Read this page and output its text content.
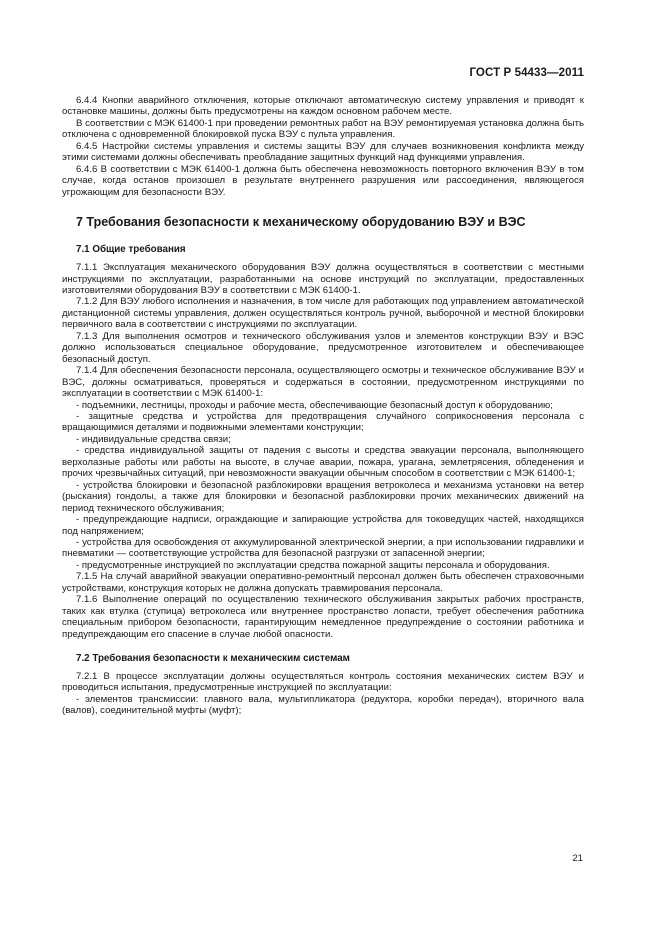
ГОСТ Р 54433—2011

6.4.4 Кнопки аварийного отключения, которые отключают автоматическую систему управления и приводят к остановке машины, должны быть предусмотрены на каждом основном рабочем месте.

В соответствии с МЭК 61400-1 при проведении ремонтных работ на ВЭУ ремонтируемая установка должна быть отключена с одновременной блокировкой пуска ВЭУ с пульта управления.

6.4.5 Настройки системы управления и системы защиты ВЭУ для случаев возникновения конфликта между этими системами должны обеспечивать преобладание защитных функций над функциями управления.

6.4.6 В соответствии с МЭК 61400-1 должна быть обеспечена невозможность повторного включения ВЭУ в том случае, когда останов произошел в результате внутреннего разрушения или рассоединения, являющегося угрожающим для безопасности ВЭУ.

7 Требования безопасности к механическому оборудованию ВЭУ и ВЭС
7.1 Общие требования

7.1.1 Эксплуатация механического оборудования ВЭУ должна осуществляться в соответствии с местными инструкциями по эксплуатации, разработанными на основе инструкций по эксплуатации, предоставленных изготовителями оборудования ВЭУ в соответствии с МЭК 61400-1.

7.1.2 Для ВЭУ любого исполнения и назначения, в том числе для работающих под управлением автоматической дистанционной системы управления, должен осуществляться контроль ручной, выборочной и местной блокировки первичного вала в соответствии с инструкциями по эксплуатации.

7.1.3 Для выполнения осмотров и технического обслуживания узлов и элементов конструкции ВЭУ и ВЭС должно использоваться специальное оборудование, предусмотренное изготовителем и обеспечивающее безопасный доступ.

7.1.4 Для обеспечения безопасности персонала, осуществляющего осмотры и техническое обслуживание ВЭУ и ВЭС, должны осматриваться, проверяться и содержаться в состоянии, предусмотренном инструкциями по эксплуатации в соответствии с МЭК 61400-1:

- подъемники, лестницы, проходы и рабочие места, обеспечивающие безопасный доступ к оборудованию;

- защитные средства и устройства для предотвращения случайного соприкосновения персонала с вращающимися деталями и подвижными элементами конструкции;

- индивидуальные средства связи;

- средства индивидуальной защиты от падения с высоты и средства эвакуации персонала, выполняющего верхолазные работы или работы на высоте, в случае аварии, пожара, урагана, землетрясения, обледенения и прочих чрезвычайных ситуаций, при невозможности эвакуации обычным способом в соответствии с МЭК 61400-1;

- устройства блокировки и безопасной разблокировки вращения ветроколеса и механизма установки на ветер (рыскания) гондолы, а также для блокировки и безопасной разблокировки прочих механических движений на период технического обслуживания;

- предупреждающие надписи, ограждающие и запирающие устройства для токоведущих частей, находящихся под напряжением;

- устройства для освобождения от аккумулированной электрической энергии, а при использовании гидравлики и пневматики — соответствующие устройства для безопасной разгрузки от запасенной энергии;

- предусмотренные инструкцией по эксплуатации средства пожарной защиты персонала и оборудования.

7.1.5 На случай аварийной эвакуации оперативно-ремонтный персонал должен быть обеспечен страховочными устройствами, конструкция которых не должна допускать травмирования персонала.

7.1.6 Выполнение операций по осуществлению технического обслуживания закрытых рабочих пространств, таких как втулка (ступица) ветроколеса или внутреннее пространство лопасти, требует обеспечения работника специальным прибором безопасности, гарантирующим немедленное предупреждение о состоянии работника и предупреждающим его спасение в случае любой опасности.

7.2 Требования безопасности к механическим системам

7.2.1 В процессе эксплуатации должны осуществляться контроль состояния механических систем ВЭУ и проводиться испытания, предусмотренные инструкцией по эксплуатации:

- элементов трансмиссии: главного вала, мультипликатора (редуктора, коробки передач), вторичного вала (валов), соединительной муфты (муфт);

21
